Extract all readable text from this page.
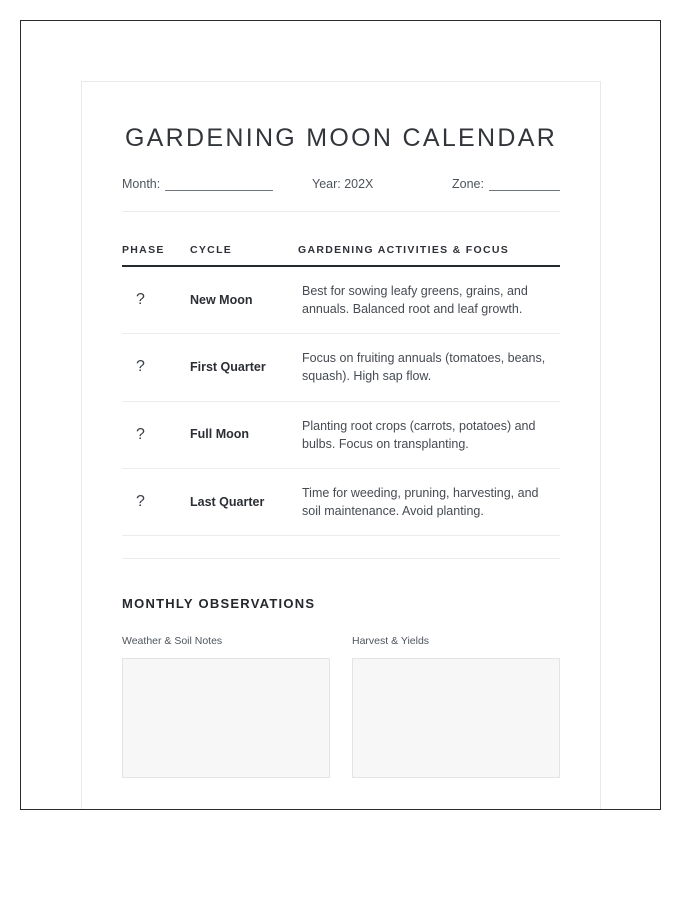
GARDENING MOON CALENDAR
Month:	Year: 202X	Zone:
PHASE	CYCLE	GARDENING ACTIVITIES & FOCUS
?	New Moon	Best for sowing leafy greens, grains, and annuals. Balanced root and leaf growth.
?	First Quarter	Focus on fruiting annuals (tomatoes, beans, squash). High sap flow.
?	Full Moon	Planting root crops (carrots, potatoes) and bulbs. Focus on transplanting.
?	Last Quarter	Time for weeding, pruning, harvesting, and soil maintenance. Avoid planting.
MONTHLY OBSERVATIONS
Weather & Soil Notes	Harvest & Yields
